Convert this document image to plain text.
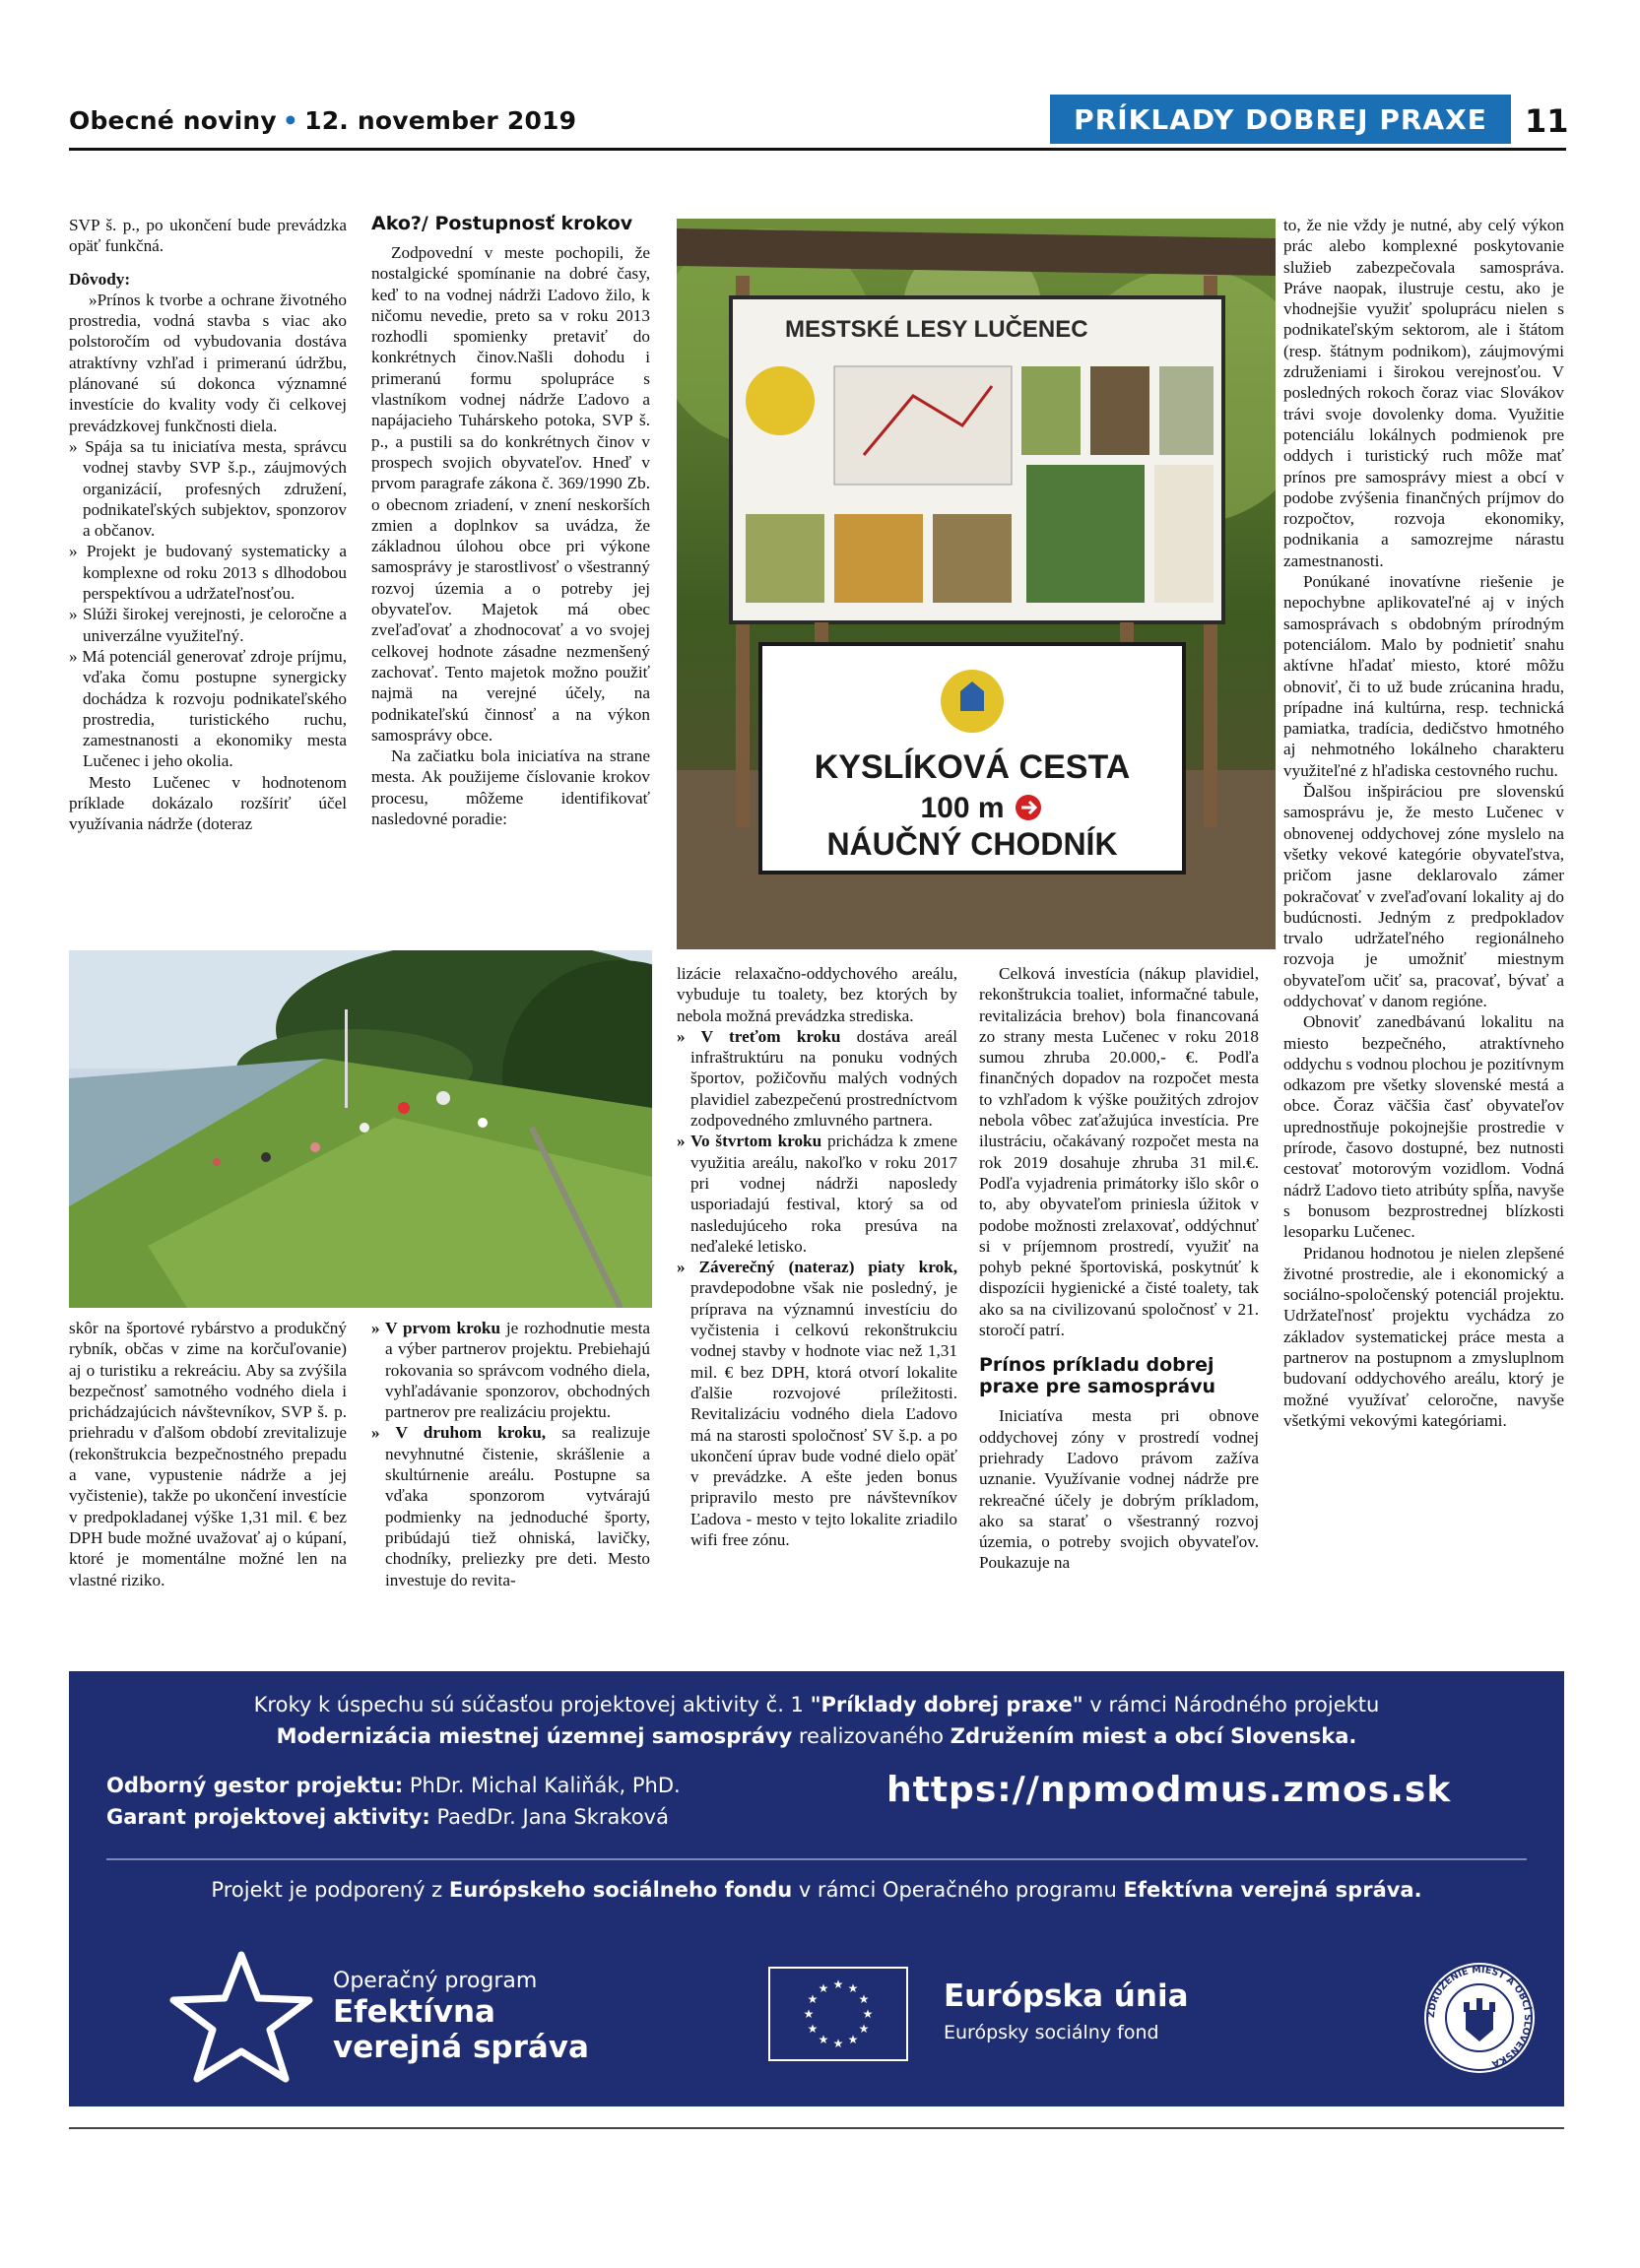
Obecné noviny • 12. november 2019	PRÍKLADY DOBREJ PRAXE	11

SVP š. p., po ukončení bude prevádzka opäť funkčná.

Dôvody:

»Prínos k tvorbe a ochrane životného prostredia, vodná stavba s viac ako polstoročím od vybudovania dostáva atraktívny vzhľad i primeranú údržbu, plánované sú dokonca významné investície do kvality vody či celkovej prevádzkovej funkčnosti diela.

» Spája sa tu iniciatíva mesta, správcu vodnej stavby SVP š.p., záujmových organizácií, profesných združení, podnikateľských subjektov, sponzorov a občanov.

» Projekt je budovaný systematicky a komplexne od roku 2013 s dlhodobou perspektívou a udržateľnosťou.

» Slúži širokej verejnosti, je celoročne a univerzálne využiteľný.

» Má potenciál generovať zdroje príjmu, vďaka čomu postupne synergicky dochádza k rozvoju podnikateľského prostredia, turistického ruchu, zamestnanosti a ekonomiky mesta Lučenec i jeho okolia.

Mesto Lučenec v hodnotenom príklade dokázalo rozšíriť účel využívania nádrže (doteraz

Ako?/ Postupnosť krokov

Zodpovední v meste pochopili, že nostalgické spomínanie na dobré časy, keď to na vodnej nádrži Ľadovo žilo, k ničomu nevedie, preto sa v roku 2013 rozhodli spomienky pretaviť do konkrétnych činov.Našli dohodu i primeranú formu spolupráce s vlastníkom vodnej nádrže Ľadovo a napájacieho Tuhárskeho potoka, SVP š. p., a pustili sa do konkrétnych činov v prospech svojich obyvateľov. Hneď v prvom paragrafe zákona č. 369/1990 Zb. o obecnom zriadení, v znení neskorších zmien a doplnkov sa uvádza, že základnou úlohou obce pri výkone samosprávy je starostlivosť o všestranný rozvoj územia a o potreby jej obyvateľov. Majetok má obec zveľaďovať a zhodnocovať a vo svojej celkovej hodnote zásadne nezmenšený zachovať. Tento majetok možno použiť najmä na verejné účely, na podnikateľskú činnosť a na výkon samosprávy obce.

Na začiatku bola iniciatíva na strane mesta. Ak použijeme číslovanie krokov procesu, môžeme identifikovať nasledovné poradie:

MESTSKÉ LESY LUČENEC
KYSLÍKOVÁ CESTA
100 m
NÁUČNÝ CHODNÍK

skôr na športové rybárstvo a produkčný rybník, občas v zime na korčuľovanie) aj o turistiku a rekreáciu. Aby sa zvýšila bezpečnosť samotného vodného diela i prichádzajúcich návštevníkov, SVP š. p. priehradu v ďalšom období zrevitalizuje (rekonštrukcia bezpečnostného prepadu a vane, vypustenie nádrže a jej vyčistenie), takže po ukončení investície v predpokladanej výške 1,31 mil. € bez DPH bude možné uvažovať aj o kúpaní, ktoré je momentálne možné len na vlastné riziko.

» V prvom kroku je rozhodnutie mesta a výber partnerov projektu. Prebiehajú rokovania so správcom vodného diela, vyhľadávanie sponzorov, obchodných partnerov pre realizáciu projektu.

» V druhom kroku, sa realizuje nevyhnutné čistenie, skrášlenie a skultúrnenie areálu. Postupne sa vďaka sponzorom vytvárajú podmienky na jednoduché športy, pribúdajú tiež ohniská, lavičky, chodníky, preliezky pre deti. Mesto investuje do revita-

lizácie relaxačno-oddychového areálu, vybuduje tu toalety, bez ktorých by nebola možná prevádzka strediska.

» V treťom kroku dostáva areál infraštruktúru na ponuku vodných športov, požičovňu malých vodných plavidiel zabezpečenú prostredníctvom zodpovedného zmluvného partnera.

» Vo štvrtom kroku prichádza k zmene využitia areálu, nakoľko v roku 2017 pri vodnej nádrži naposledy usporiadajú festival, ktorý sa od nasledujúceho roka presúva na neďaleké letisko.

» Záverečný (nateraz) piaty krok, pravdepodobne však nie posledný, je príprava na významnú investíciu do vyčistenia i celkovú rekonštrukciu vodnej stavby v hodnote viac než 1,31 mil. € bez DPH, ktorá otvorí lokalite ďalšie rozvojové príležitosti. Revitalizáciu vodného diela Ľadovo má na starosti spoločnosť SV š.p. a po ukončení úprav bude vodné dielo opäť v prevádzke. A ešte jeden bonus pripravilo mesto pre návštevníkov Ľadova - mesto v tejto lokalite zriadilo wifi free zónu.

Celková investícia (nákup plavidiel, rekonštrukcia toaliet, informačné tabule, revitalizácia brehov) bola financovaná zo strany mesta Lučenec v roku 2018 sumou zhruba 20.000,- €. Podľa finančných dopadov na rozpočet mesta to vzhľadom k výške použitých zdrojov nebola vôbec zaťažujúca investícia. Pre ilustráciu, očakávaný rozpočet mesta na rok 2019 dosahuje zhruba 31 mil.€. Podľa vyjadrenia primátorky išlo skôr o to, aby obyvateľom priniesla úžitok v podobe možnosti zrelaxovať, oddýchnuť si v príjemnom prostredí, využiť na pohyb pekné športoviská, poskytnúť k dispozícii hygienické a čisté toalety, tak ako sa na civilizovanú spoločnosť v 21. storočí patrí.

Prínos príkladu dobrej praxe pre samosprávu

Iniciatíva mesta pri obnove oddychovej zóny v prostredí vodnej priehrady Ľadovo právom zažíva uznanie. Využívanie vodnej nádrže pre rekreačné účely je dobrým príkladom, ako sa starať o všestranný rozvoj územia, o potreby svojich obyvateľov. Poukazuje na

to, že nie vždy je nutné, aby celý výkon prác alebo komplexné poskytovanie služieb zabezpečovala samospráva. Práve naopak, ilustruje cestu, ako je vhodnejšie využiť spoluprácu nielen s podnikateľským sektorom, ale i štátom (resp. štátnym podnikom), záujmovými združeniami i širokou verejnosťou. V posledných rokoch čoraz viac Slovákov trávi svoje dovolenky doma. Využitie potenciálu lokálnych podmienok pre oddych i turistický ruch môže mať prínos pre samosprávy miest a obcí v podobe zvýšenia finančných príjmov do rozpočtov, rozvoja ekonomiky, podnikania a samozrejme nárastu zamestnanosti.

Ponúkané inovatívne riešenie je nepochybne aplikovateľné aj v iných samosprávach s obdobným prírodným potenciálom. Malo by podnietiť snahu aktívne hľadať miesto, ktoré môžu obnoviť, či to už bude zrúcanina hradu, prípadne iná kultúrna, resp. technická pamiatka, tradícia, dedičstvo hmotného aj nehmotného lokálneho charakteru využiteľné z hľadiska cestovného ruchu.

Ďalšou inšpiráciou pre slovenskú samosprávu je, že mesto Lučenec v obnovenej oddychovej zóne myslelo na všetky vekové kategórie obyvateľstva, pričom jasne deklarovalo zámer pokračovať v zveľaďovaní lokality aj do budúcnosti. Jedným z predpokladov trvalo udržateľného regionálneho rozvoja je umožniť miestnym obyvateľom učiť sa, pracovať, bývať a oddychovať v danom regióne.

Obnoviť zanedbávanú lokalitu na miesto bezpečného, atraktívneho oddychu s vodnou plochou je pozitívnym odkazom pre všetky slovenské mestá a obce. Čoraz väčšia časť obyvateľov uprednostňuje pokojnejšie prostredie v prírode, časovo dostupné, bez nutnosti cestovať motorovým vozidlom. Vodná nádrž Ľadovo tieto atribúty spĺňa, navyše s bonusom bezprostrednej blízkosti lesoparku Lučenec.

Pridanou hodnotou je nielen zlepšené životné prostredie, ale i ekonomický a sociálno-spoločenský potenciál projektu. Udržateľnosť projektu vychádza zo základov systematickej práce mesta a partnerov na postupnom a zmysluplnom budovaní oddychového areálu, ktorý je možné využívať celoročne, navyše všetkými vekovými kategóriami.

Kroky k úspechu sú súčasťou projektovej aktivity č. 1 "Príklady dobrej praxe" v rámci Národného projektu
Modernizácia miestnej územnej samosprávy realizovaného Združením miest a obcí Slovenska.
Odborný gestor projektu: PhDr. Michal Kaliňák, PhD.
Garant projektovej aktivity: PaedDr. Jana Skraková
https://npmodmus.zmos.sk
Projekt je podporený z Európskeho sociálneho fondu v rámci Operačného programu Efektívna verejná správa.
Operačný program
Efektívna
verejná správa
★ ★
★
★
★
★
★
★
★
★
★
★	Európska únia
Európsky sociálny fond
ZDRUŽENIE MIEST A OBCÍ SLOVENSKA
